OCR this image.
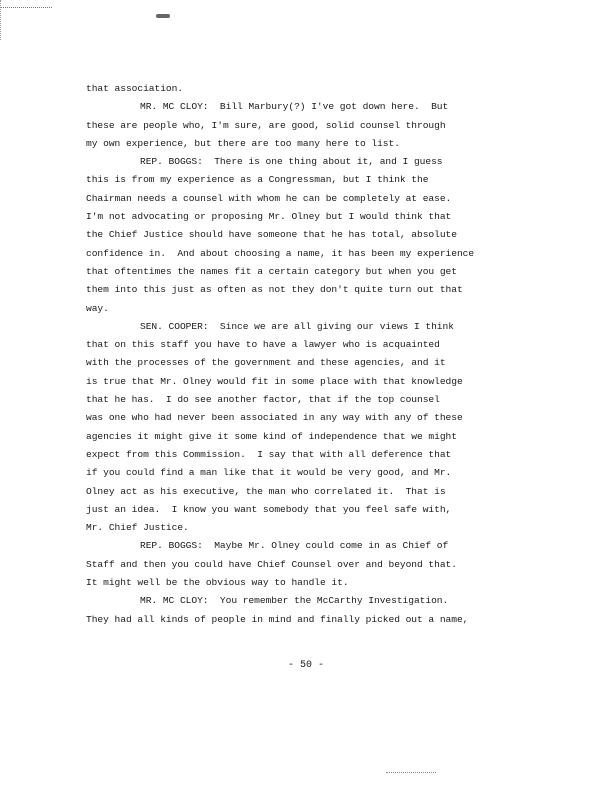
that association.
MR. MC CLOY:  Bill Marbury(?) I've got down here.  But
these are people who, I'm sure, are good, solid counsel through
my own experience, but there are too many here to list.
REP. BOGGS:  There is one thing about it, and I guess
this is from my experience as a Congressman, but I think the
Chairman needs a counsel with whom he can be completely at ease.
I'm not advocating or proposing Mr. Olney but I would think that
the Chief Justice should have someone that he has total, absolute
confidence in.  And about choosing a name, it has been my experience
that oftentimes the names fit a certain category but when you get
them into this just as often as not they don't quite turn out that
way.
SEN. COOPER:  Since we are all giving our views I think
that on this staff you have to have a lawyer who is acquainted
with the processes of the government and these agencies, and it
is true that Mr. Olney would fit in some place with that knowledge
that he has.  I do see another factor, that if the top counsel
was one who had never been associated in any way with any of these
agencies it might give it some kind of independence that we might
expect from this Commission.  I say that with all deference that
if you could find a man like that it would be very good, and Mr.
Olney act as his executive, the man who correlated it.  That is
just an idea.  I know you want somebody that you feel safe with,
Mr. Chief Justice.
REP. BOGGS:  Maybe Mr. Olney could come in as Chief of
Staff and then you could have Chief Counsel over and beyond that.
It might well be the obvious way to handle it.
MR. MC CLOY:  You remember the McCarthy Investigation.
They had all kinds of people in mind and finally picked out a name,
- 50 -
